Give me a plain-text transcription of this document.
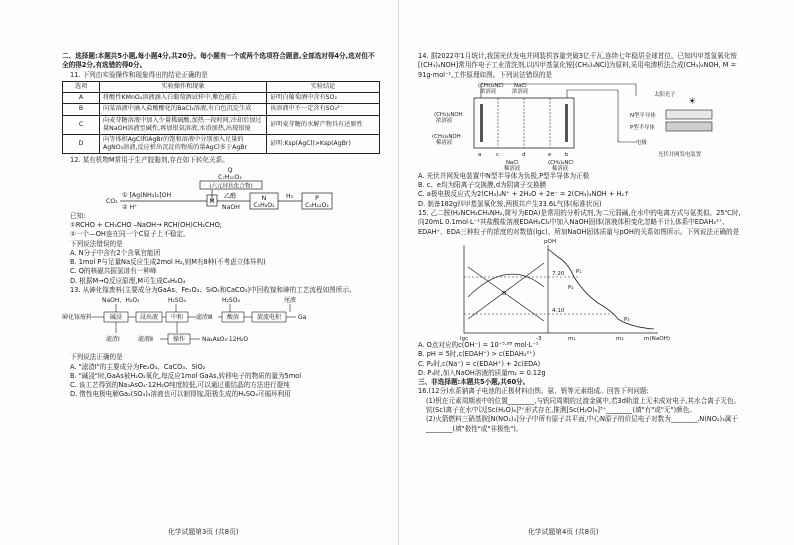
二、选择题:本题共5小题,每小题4分,共20分。每小题有一个或两个选项符合题意,全部选对得4分,选对但不全的得2分,有选错的得0分。

11. 下列由实验操作和现象得出的结论正确的是

选项	实验操作和现象	实验结论
A	将酸性KMnO₄溶液滴入白葡萄酒试样中,紫色褪去	证明白葡萄酒中含有SO₂
B	向某溶液中滴入盐酸酸化的BaCl₂溶液,有白色沉淀生成	该溶液中不一定含有SO₄²⁻
C	向麦芽糖溶液中加入少量稀硫酸,加热一段时间,冷却后加过量NaOH溶液至碱性,再加银氨溶液,水浴加热,出现银镜	证明麦芽糖的水解产物具有还原性
D	向等体积AgCl和AgBr的饱和溶液中分别加入足量的AgNO₃溶液,反应析出沉淀的物质的量AgCl多于AgBr	证明:Ksp(AgCl)>Ksp(AgBr)

12. 某有机物M常用于生产胶黏剂,存在如下转化关系。

Q
C₇H₁₀O₂
(六元环状化合物)
CO₂
① [Ag(NH₃)₂]OH
② H⁺
M
乙醛
NaOH
N
C₅H₈O₂
H₂	P
C₅H₁₂O₂

已知:

①RCHO + CH₃CHO ⎯NaOH→ RCH(OH)CH₂CHO;

②一个—OH连在同一个C原子上不稳定。

下列说法错误的是

A. N分子中含有2个含氧官能团

B. 1mol P与足量Na反应生成2mol H₂,则M有8种(不考虑立体异构)

C. Q的核磁共振氢谱有一种峰

D. 根据M→Q反应原理,M可生成C₆H₈O₄

13. 从砷化镓废料(主要成分为GaAs、Fe₂O₃、SiO₂和CaCO₃)中回收镓和砷的工艺流程如图所示。

NaOH、H₂O₂	H₂SO₄	H₂SO₄	尾液
砷化镓废料	碱浸	浸出液 中和 滤渣Ⅲ 酸溶	旋流电积	Ga
滤渣Ⅰ	滤液Ⅱ	操作	Na₃AsO₄·12H₂O

下列说法正确的是

A. "滤渣Ⅰ"的主要成分为Fe₂O₃、CaCO₃、SiO₂

B. "碱浸"时,GaAs被H₂O₂氧化,每反应1mol GaAs,转移电子的物质的量为5mol

C. 该工艺得到的Na₃AsO₄·12H₂O纯度较低,可以通过重结晶的方法进行提纯

D. 惰性电极电解Ga₂(SO₄)₃溶液也可以制得镓,阳极生成的H₂SO₄可循环利用

14. 据2022年1月统计,我国光伏发电并网装机容量突破3亿千瓦,连续七年稳居全球首位。已知四甲基氢氧化铵[(CH₃)₄NOH]常用作电子工业清洗剂,以四甲基氯化铵[(CH₃)₄NCl]为原料,采用电渗析法合成(CH₃)₄NOH, M = 91g·mol⁻¹,工作原理如图。下列说法错误的是

(CH₃)₄NCl
浓溶液
NaCl
浓溶液
(CH₃)₄NOH
浓溶液
(CH₃)₄NOH
稀溶液
a	c	d	e	b
NaCl
稀溶液
(CH₃)₄NCl
稀溶液
太阳光子
☀
N型半导体
P型半导体
电极
光伏并网发电装置

A. 光伏并网发电装置中N型半导体为负极,P型半导体为正极

B. c、e均为阳离子交换膜,d为阴离子交换膜

C. a极电极反应式为2(CH₃)₄N⁺ + 2H₂O + 2e⁻ = 2(CH₃)₄NOH + H₂↑

D. 制备182g四甲基氢氧化铵,两极共产生33.6L气体(标准状况)

15. 乙二胺(H₂NCH₂CH₂NH₂,简写为EDA)是常用的分析试剂,为二元弱碱,在水中的电离方式与氨类似。25℃时,向20mL 0.1mol·L⁻¹其盐酸盐溶液EDAH₂Cl₂中加入NaOH固体(溶液体积变化忽略不计),体系中EDAH₂²⁺、EDAH⁺、EDA三种粒子的浓度的对数值(lgc)、所加NaOH固体质量与pOH的关系如图所示。下列说法正确的是

pOH
7.20
4.10
O
P₁
P₂
P₃
lgc	-3	m₁	m₂	m(NaOH)

A. O点对应的c(OH⁻) = 10⁻⁵·⁸⁸ mol·L⁻¹

B. pH = 5时,c(EDAH⁺) > c(EDAH₂²⁺)

C. P₂时,c(Na⁺) = c(EDAH⁺) + 2c(EDA)

D. P₃时,加入NaOH溶液的质量m₂ = 0.12g

三、非选择题:本题共5小题,共60分。

16.(12分)水系钠离子电池的正极材料由铁、氨、钒等元素组成。回答下列问题:

(1)钒在元素周期表中的位置________,与钒同周期的过渡金属中,若3d轨道上无未成对电子,其水合离子无色。钪(Sc)离子在水中以[Sc(H₂O)₆]³⁺形式存在,推测[Sc(H₂O)₆]³⁺________(填"有"或"无")颜色。

(2)火箭燃料三硝基胺[N(NO₂)₃]分子中所有原子共平面,中心N原子的价层电子对数为________,N(NO₂)₃属于________(填"极性"或"非极性")。

化学试题第3页 (共8页)	化学试题第4页 (共8页)
